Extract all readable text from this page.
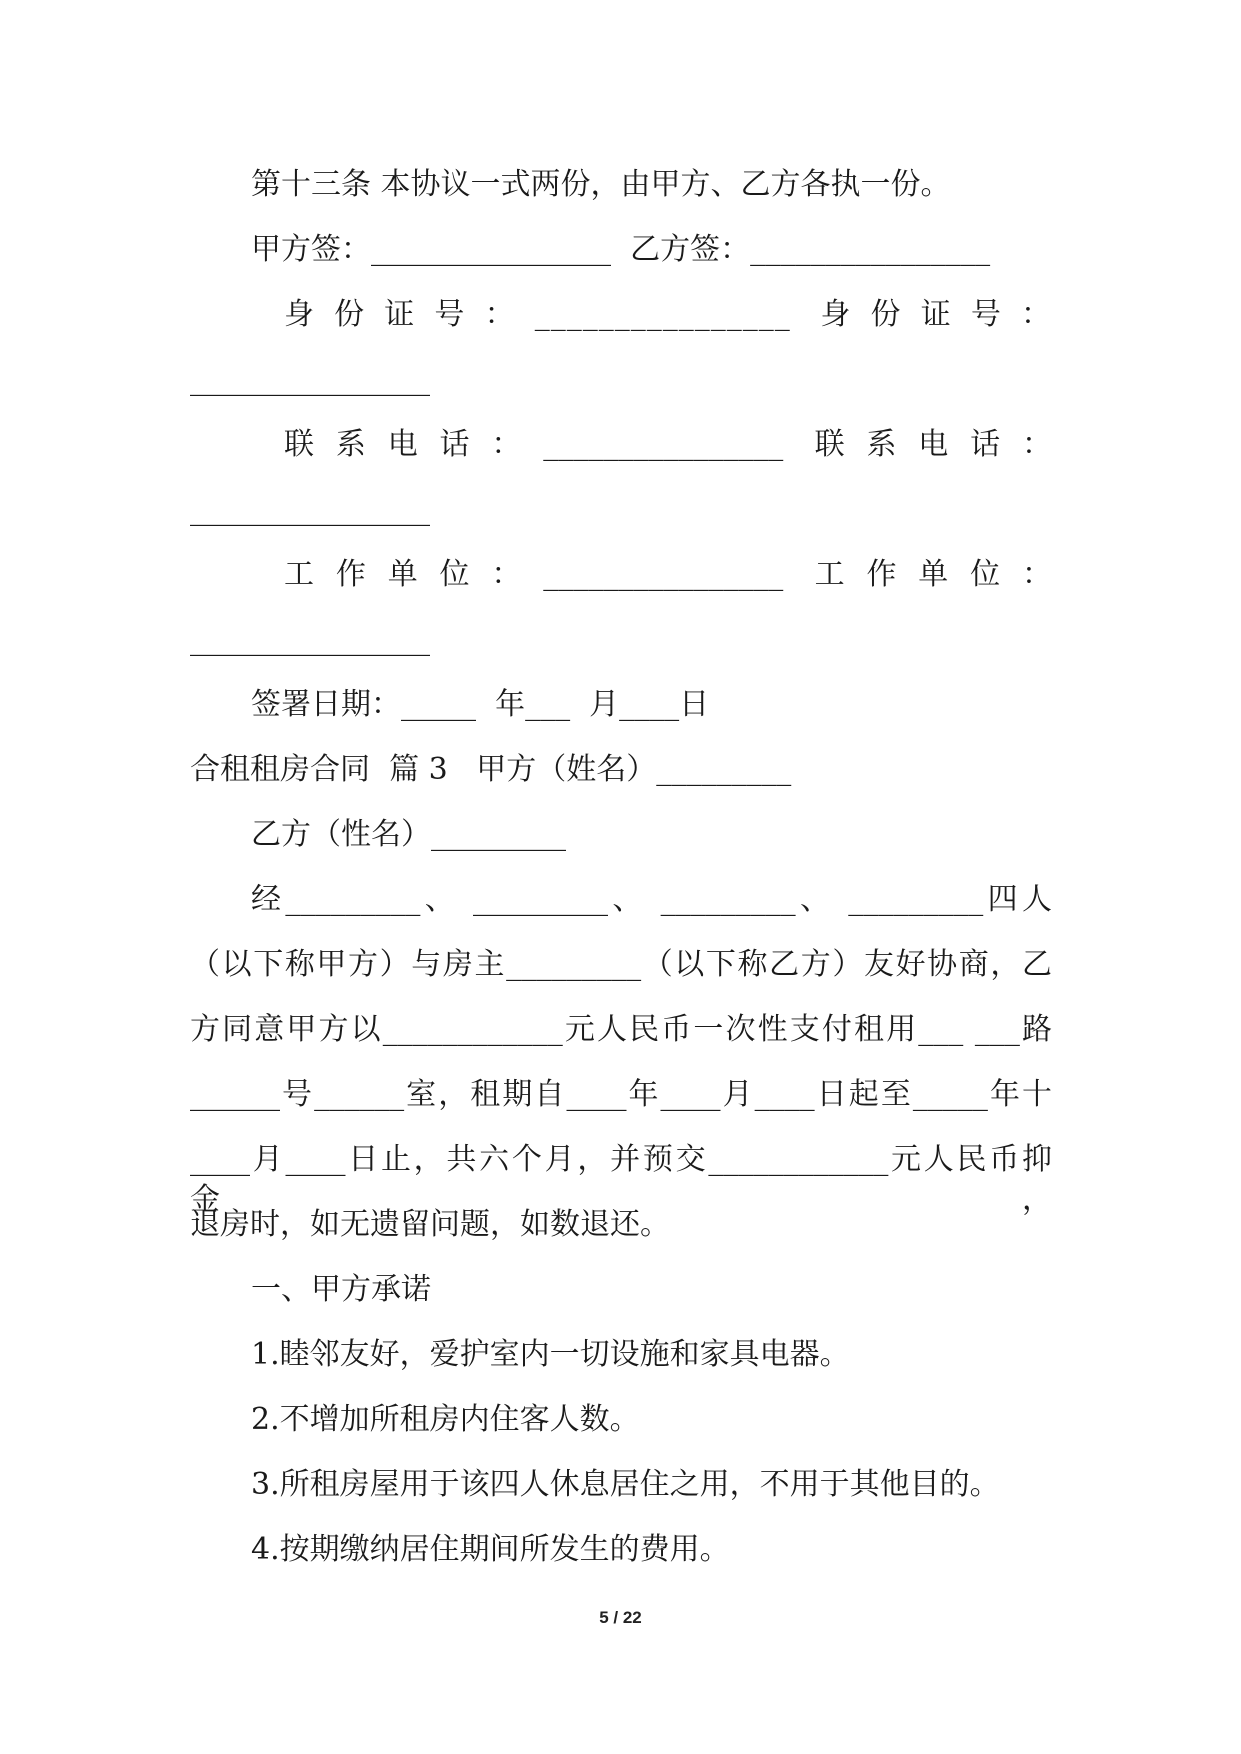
第十三条 本协议一式两份，由甲方、乙方各执一份。
甲方签：________________  乙方签：________________
身份证号：________________ 身份证号：
________________
联系电话：________________ 联系电话：
________________
工作单位：________________ 工作单位：
________________
签署日期：_____  年___  月____日
合租租房合同  篇 3   甲方（姓名）_________
乙方（性名）_________
经_________、 _________、 _________、 _________四人
（以下称甲方）与房主_________（以下称乙方）友好协商，乙
方同意甲方以____________元人民币一次性支付租用___ ___路
______号______室，租期自____年____月____日起至_____年十
____月____日止，共六个月，并预交____________元人民币抑金，
退房时，如无遗留问题，如数退还。
一、甲方承诺
1.睦邻友好，爱护室内一切设施和家具电器。
2.不增加所租房内住客人数。
3.所租房屋用于该四人休息居住之用，不用于其他目的。
4.按期缴纳居住期间所发生的费用。
5 / 22
